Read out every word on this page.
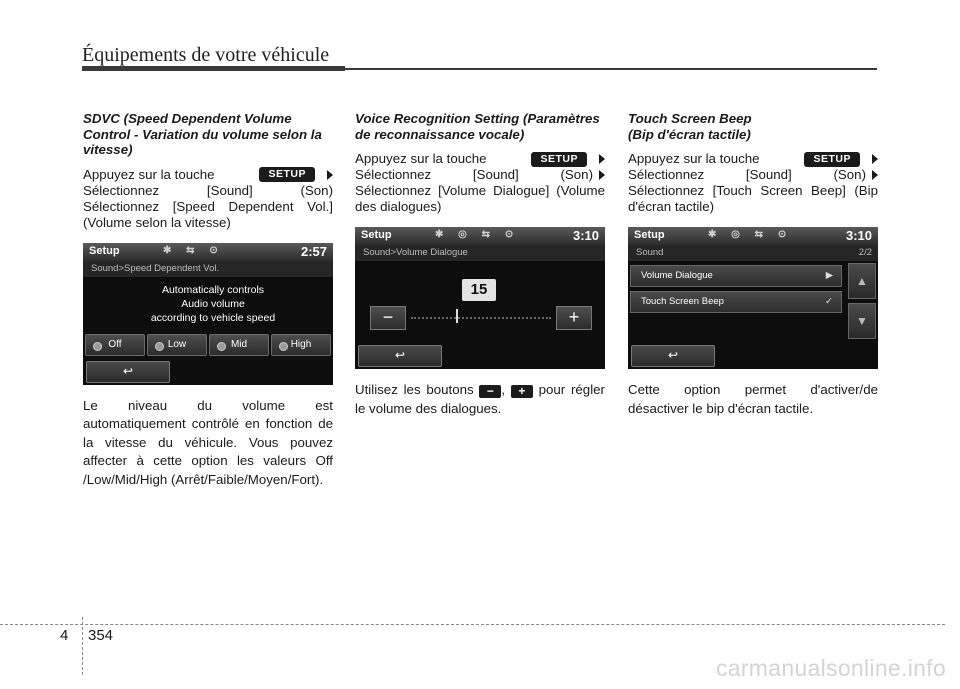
Équipements de votre véhicule
SDVC (Speed Dependent Volume Control - Variation du volume selon la vitesse)
Appuyez sur la touche	SETUP
Sélectionnez	[Sound]	(Son)
Sélectionnez [Speed Dependent Vol.] (Volume selon la vitesse)
Setup	✱ ⇆ ⊙	2:57
Sound>Speed Dependent Vol.
Automatically controls
Audio volume
according to vehicle speed
Off	Low	Mid	High
↩
Le niveau du volume est automatiquement contrôlé en fonction de la vitesse du véhicule. Vous pouvez affecter à cette option les valeurs Off /Low/Mid/High (Arrêt/Faible/Moyen/Fort).
Voice Recognition Setting (Paramètres de reconnaissance vocale)
Appuyez sur la touche	SETUP
Sélectionnez	[Sound]	(Son)
Sélectionnez [Volume Dialogue] (Volume des dialogues)
Setup	✱ ◎ ⇆ ⊙	3:10
Sound>Volume Dialogue
15
−	+
↩
Utilisez les boutons − , + pour régler le volume des dialogues.
Touch Screen Beep
(Bip d'écran tactile)
Appuyez sur la touche	SETUP
Sélectionnez	[Sound]	(Son)
Sélectionnez [Touch Screen Beep] (Bip d'écran tactile)
Setup	✱ ◎ ⇆ ⊙	3:10
Sound	2/2
Volume Dialogue	▶
Touch Screen Beep	✓
▲
▼
↩
Cette option permet d'activer/de désactiver le bip d'écran tactile.
4 354
carmanualsonline.info
